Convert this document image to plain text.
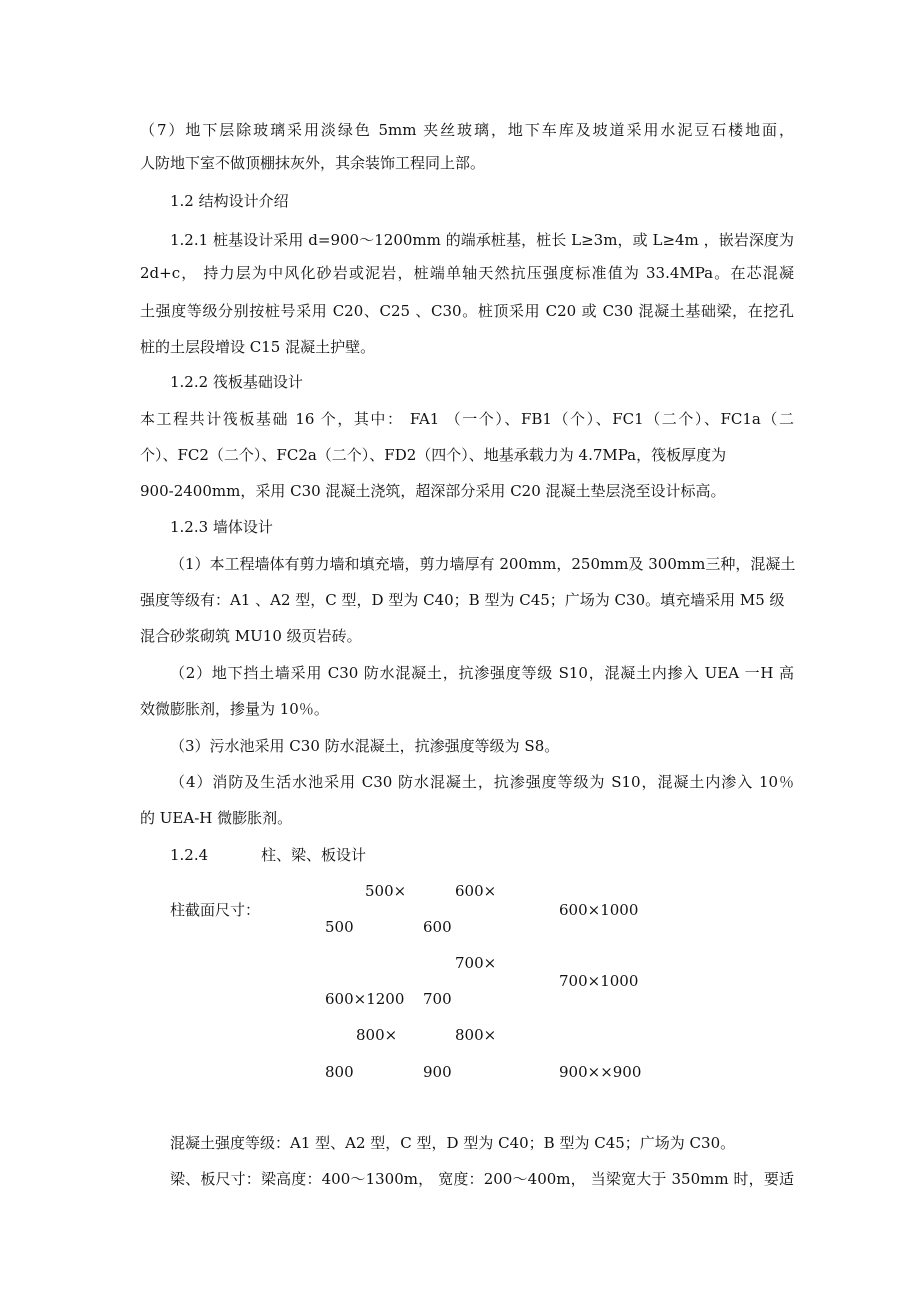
（7）地下层除玻璃采用淡绿色 5mm 夹丝玻璃，地下车库及坡道采用水泥豆石楼地面，
人防地下室不做顶棚抹灰外，其余装饰工程同上部。
1.2 结构设计介绍
1.2.1 桩基设计采用 d=900～1200mm 的端承桩基，桩长 L≥3m，或 L≥4m ，嵌岩深度为
2d+c， 持力层为中风化砂岩或泥岩，桩端单轴天然抗压强度标准值为 33.4MPa。在芯混凝
土强度等级分别按桩号采用 C20、C25 、C30。桩顶采用 C20 或 C30 混凝土基础梁，在挖孔
桩的土层段增设 C15 混凝土护壁。
1.2.2 筏板基础设计
本工程共计筏板基础 16 个，其中： FA1 （一个）、FB1（个）、FC1（二个）、FC1a（二
个）、FC2（二个）、FC2a（二个）、FD2（四个）、地基承载力为 4.7MPa，筏板厚度为
900-2400mm，采用 C30 混凝土浇筑，超深部分采用 C20 混凝土垫层浇至设计标高。
1.2.3 墙体设计
（1）本工程墙体有剪力墙和填充墙，剪力墙厚有 200mm，250mm及 300mm三种，混凝土
强度等级有：A1 、A2 型，C 型，D 型为 C40；B 型为 C45；广场为 C30。填充墙采用 M5 级
混合砂浆砌筑 MU10 级页岩砖。
（2）地下挡土墙采用 C30 防水混凝土，抗渗强度等级 S10，混凝土内掺入 UEA 一H 高
效微膨胀剂，掺量为 10％。
（3）污水池采用 C30 防水混凝土，抗渗强度等级为 S8。
（4）消防及生活水池采用 C30 防水混凝土，抗渗强度等级为 S10，混凝土内渗入 10％
的 UEA-H 微膨胀剂。
1.2.4	柱、梁、板设计
柱截面尺寸：
500×
500
600×
600
600×1000
700×
600×1200 700
700×1000
800×
800
800×
900	900××900
混凝土强度等级：A1 型、A2 型，C 型，D 型为 C40；B 型为 C45；广场为 C30。
梁、板尺寸：梁高度：400～1300m， 宽度：200～400m， 当梁宽大于 350mm 时，要适
